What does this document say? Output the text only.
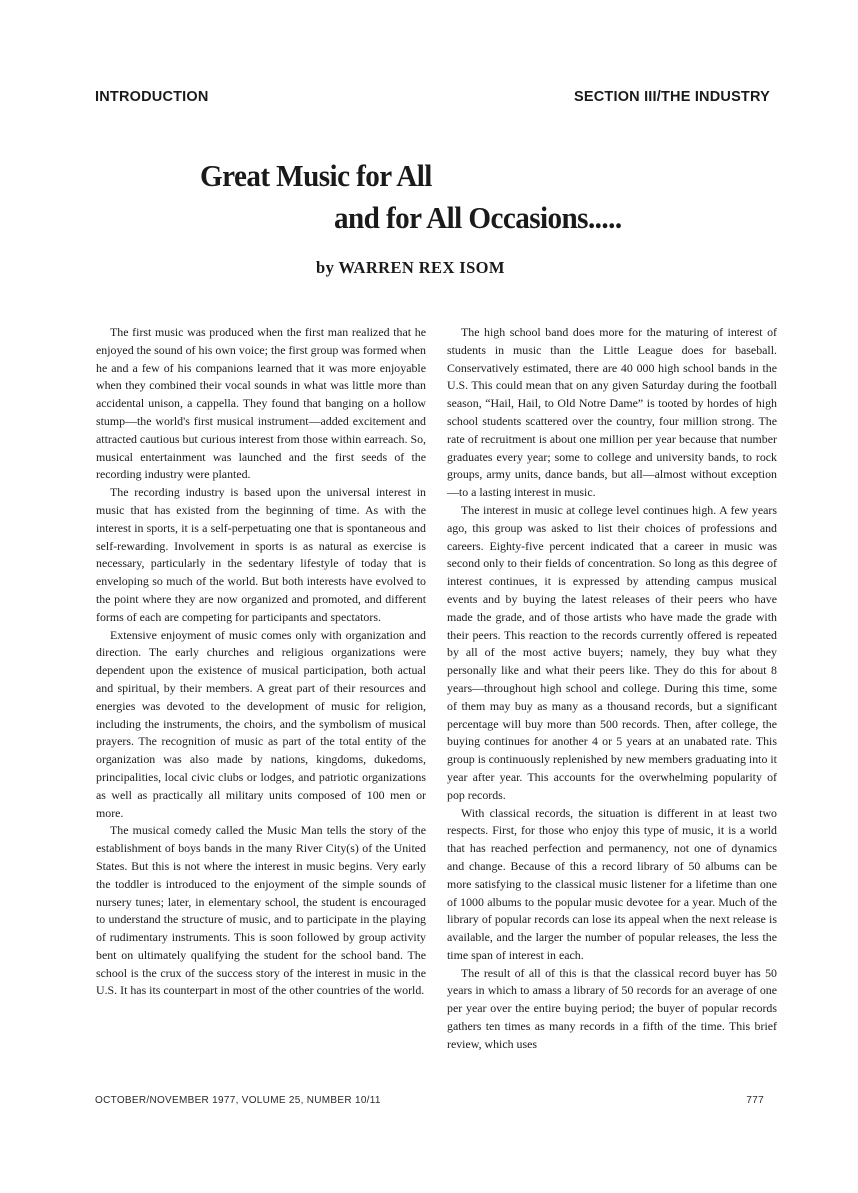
INTRODUCTION	SECTION III/THE INDUSTRY
Great Music for All
and for All Occasions.....
by WARREN REX ISOM

The first music was produced when the first man realized that he enjoyed the sound of his own voice; the first group was formed when he and a few of his companions learned that it was more enjoyable when they combined their vocal sounds in what was little more than accidental unison, a cappella. They found that banging on a hollow stump—the world's first musical instrument—added excitement and attracted cautious but curious interest from those within earreach. So, musical entertainment was launched and the first seeds of the recording industry were planted.

The recording industry is based upon the universal interest in music that has existed from the beginning of time. As with the interest in sports, it is a self-perpetuating one that is spontaneous and self-rewarding. Involvement in sports is as natural as exercise is necessary, particularly in the sedentary lifestyle of today that is enveloping so much of the world. But both interests have evolved to the point where they are now organized and promoted, and different forms of each are competing for participants and spectators.

Extensive enjoyment of music comes only with organization and direction. The early churches and religious organizations were dependent upon the existence of musical participation, both actual and spiritual, by their members. A great part of their resources and energies was devoted to the development of music for religion, including the instruments, the choirs, and the symbolism of musical prayers. The recognition of music as part of the total entity of the organization was also made by nations, kingdoms, dukedoms, principalities, local civic clubs or lodges, and patriotic organizations as well as practically all military units composed of 100 men or more.

The musical comedy called the Music Man tells the story of the establishment of boys bands in the many River City(s) of the United States. But this is not where the interest in music begins. Very early the toddler is introduced to the enjoyment of the simple sounds of nursery tunes; later, in elementary school, the student is encouraged to understand the structure of music, and to participate in the playing of rudimentary instruments. This is soon followed by group activity bent on ultimately qualifying the student for the school band. The school is the crux of the success story of the interest in music in the U.S. It has its counterpart in most of the other countries of the world.

The high school band does more for the maturing of interest of students in music than the Little League does for baseball. Conservatively estimated, there are 40 000 high school bands in the U.S. This could mean that on any given Saturday during the football season, “Hail, Hail, to Old Notre Dame” is tooted by hordes of high school students scattered over the country, four million strong. The rate of recruitment is about one million per year because that number graduates every year; some to college and university bands, to rock groups, army units, dance bands, but all—almost without exception—to a lasting interest in music.

The interest in music at college level continues high. A few years ago, this group was asked to list their choices of professions and careers. Eighty-five percent indicated that a career in music was second only to their fields of concentration. So long as this degree of interest continues, it is expressed by attending campus musical events and by buying the latest releases of their peers who have made the grade, and of those artists who have made the grade with their peers. This reaction to the records currently offered is repeated by all of the most active buyers; namely, they buy what they personally like and what their peers like. They do this for about 8 years—throughout high school and college. During this time, some of them may buy as many as a thousand records, but a significant percentage will buy more than 500 records. Then, after college, the buying continues for another 4 or 5 years at an unabated rate. This group is continuously replenished by new members graduating into it year after year. This accounts for the overwhelming popularity of pop records.

With classical records, the situation is different in at least two respects. First, for those who enjoy this type of music, it is a world that has reached perfection and permanency, not one of dynamics and change. Because of this a record library of 50 albums can be more satisfying to the classical music listener for a lifetime than one of 1000 albums to the popular music devotee for a year. Much of the library of popular records can lose its appeal when the next release is available, and the larger the number of popular releases, the less the time span of interest in each.

The result of all of this is that the classical record buyer has 50 years in which to amass a library of 50 records for an average of one per year over the entire buying period; the buyer of popular records gathers ten times as many records in a fifth of the time. This brief review, which uses

OCTOBER/NOVEMBER 1977, VOLUME 25, NUMBER 10/11	777
